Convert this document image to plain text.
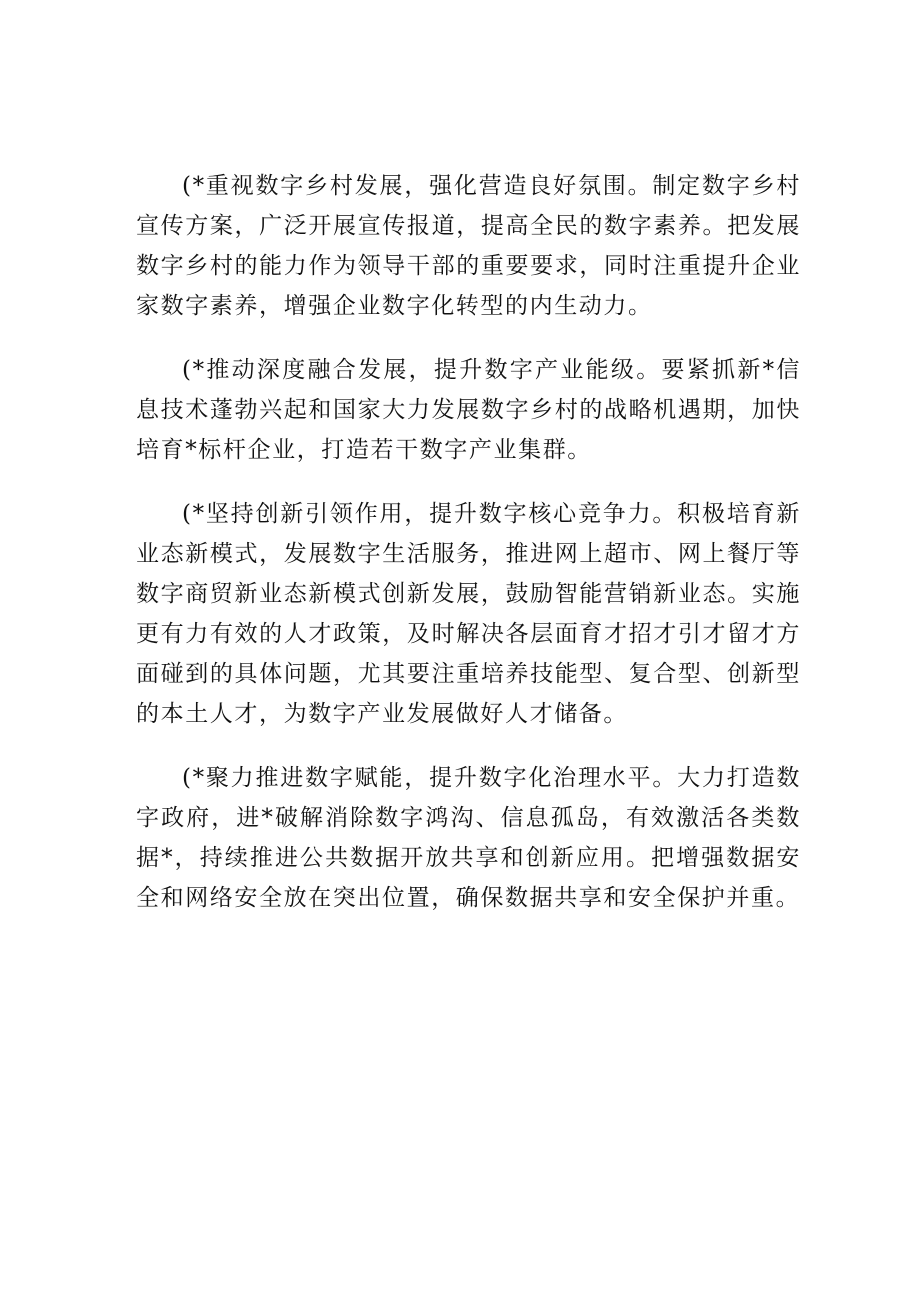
(*重视数字乡村发展，强化营造良好氛围。制定数字乡村宣传方案，广泛开展宣传报道，提高全民的数字素养。把发展数字乡村的能力作为领导干部的重要要求，同时注重提升企业家数字素养，增强企业数字化转型的内生动力。

(*推动深度融合发展，提升数字产业能级。要紧抓新*信息技术蓬勃兴起和国家大力发展数字乡村的战略机遇期，加快培育*标杆企业，打造若干数字产业集群。

(*坚持创新引领作用，提升数字核心竞争力。积极培育新业态新模式，发展数字生活服务，推进网上超市、网上餐厅等数字商贸新业态新模式创新发展，鼓励智能营销新业态。实施更有力有效的人才政策，及时解决各层面育才招才引才留才方面碰到的具体问题，尤其要注重培养技能型、复合型、创新型的本土人才，为数字产业发展做好人才储备。

(*聚力推进数字赋能，提升数字化治理水平。大力打造数字政府，进*破解消除数字鸿沟、信息孤岛，有效激活各类数据*，持续推进公共数据开放共享和创新应用。把增强数据安全和网络安全放在突出位置，确保数据共享和安全保护并重。
